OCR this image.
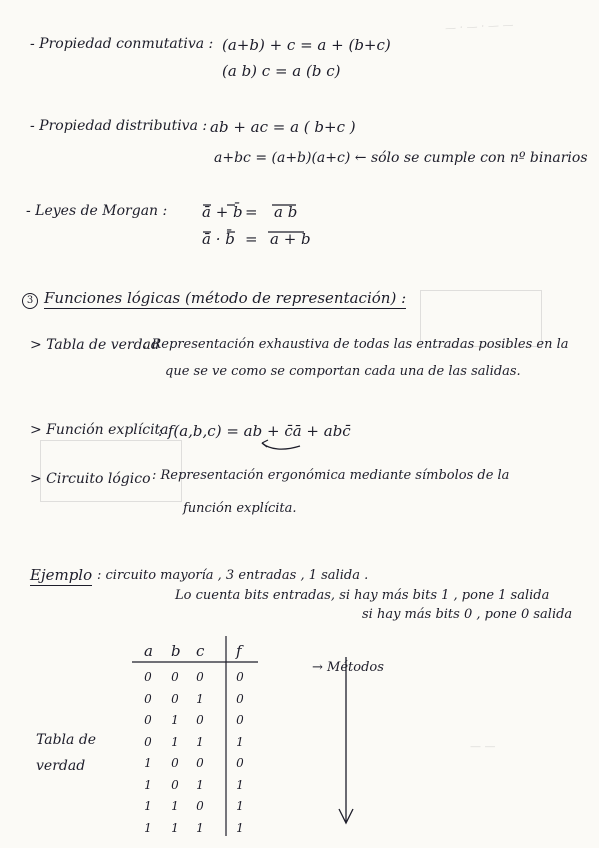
— · — · — —
— —
- Propiedad conmutativa : (a+b) + c = a + (b+c)
(a b) c = a (b c)
- Propiedad distributiva : ab + ac = a ( b+c )
a+bc = (a+b)(a+c) ← sólo se cumple con nº binarios
- Leyes de Morgan : ā + b̄ = a b
ā · b̄ = a + b
3 Funciones lógicas (método de representación) :
> Tabla de verdad
: Representación exhaustiva de todas las entradas posibles en la
que se ve como se comportan cada una de las salidas.
> Función explícita
: f(a,b,c) = ab + c̄ā + abc̄
> Circuito lógico : Representación ergonómica mediante símbolos de la
función explícita.
Ejemplo : circuito mayoría , 3 entradas , 1 salida .
Lo cuenta bits entradas, si hay más bits 1 , pone 1 salida
si hay más bits 0 , pone 0 salida
→ Métodos
Tabla de
verdad
a b c f
0 0 0	0
0 0 1	0
0 1 0	0
0 1 1	1
1 0 0	0
1 0 1	1
1 1 0	1
1 1 1	1
